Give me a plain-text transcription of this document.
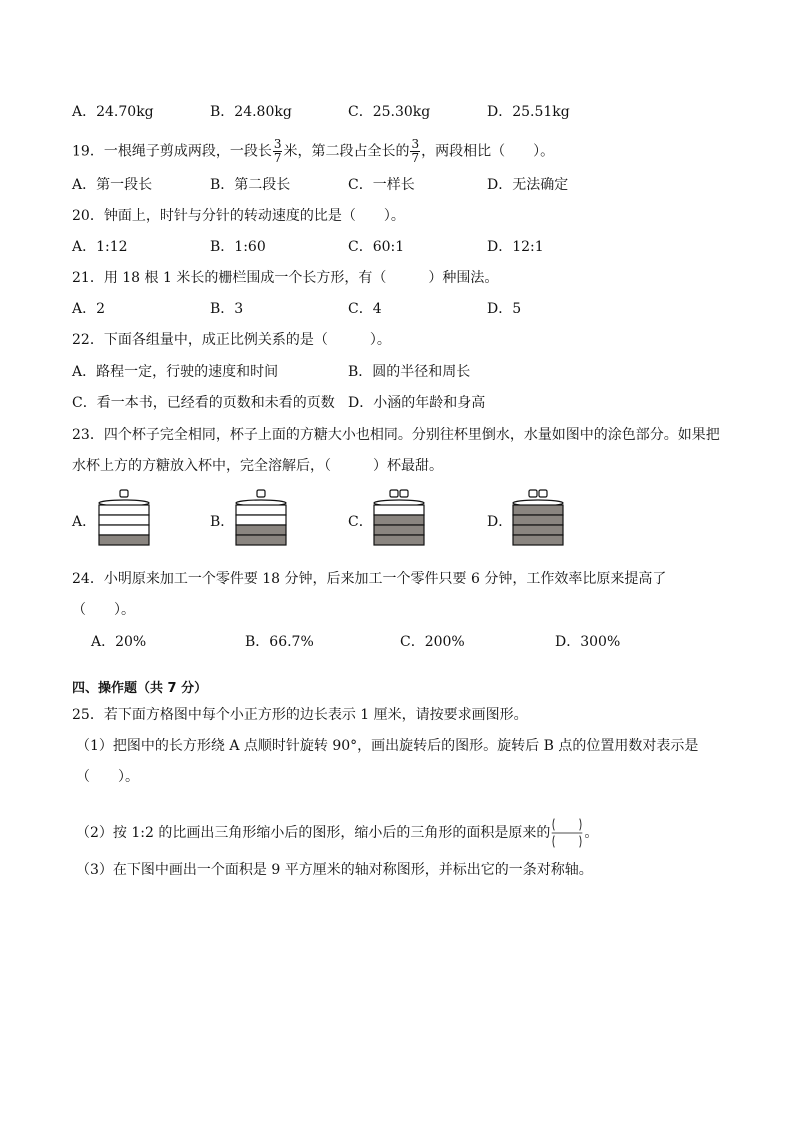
A．24.70kg	B．24.80kg	C．25.30kg	D．25.51kg
19．一根绳子剪成两段，一段长 $\frac{3}{7}$ 米，第二段占全长的 $\frac{3}{7}$ ，两段相比（　　）。
A．第一段长	B．第二段长	C．一样长	D．无法确定
20．钟面上，时针与分针的转动速度的比是（　　）。
A．1:12	B．1:60	C．60:1	D．12:1
21．用 18 根 1 米长的栅栏围成一个长方形，有（　　　）种围法。
A．2	B．3	C．4	D．5
22．下面各组量中，成正比例关系的是（　　　）。
A．路程一定，行驶的速度和时间	B．圆的半径和周长
C．看一本书，已经看的页数和未看的页数 D．小涵的年龄和身高
23．四个杯子完全相同，杯子上面的方糖大小也相同。分别往杯里倒水，水量如图中的涂色部分。如果把
水杯上方的方糖放入杯中，完全溶解后，（　　　）杯最甜。
A．	B．	C．	D．
24．小明原来加工一个零件要 18 分钟，后来加工一个零件只要 6 分钟，工作效率比原来提高了
（　　）。
A．20%	B．66.7%	C．200%	D．300%
四、操作题（共 7 分）
25．若下面方格图中每个小正方形的边长表示 1 厘米，请按要求画图形。
（1）把图中的长方形绕 A 点顺时针旋转 90°，画出旋转后的图形。旋转后 B 点的位置用数对表示是
（　　）。
（2）按 1:2 的比画出三角形缩小后的图形，缩小后的三角形的面积是原来的 。
（3）在下图中画出一个面积是 9 平方厘米的轴对称图形，并标出它的一条对称轴。
